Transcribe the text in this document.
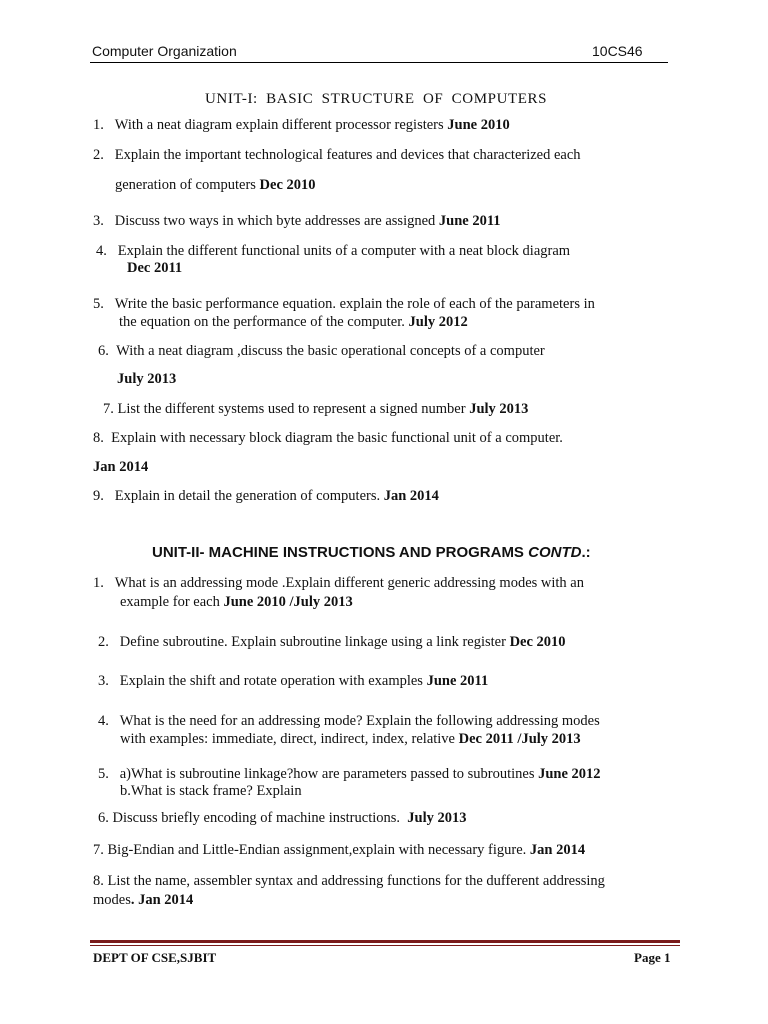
Computer Organization	10CS46
UNIT-I: BASIC STRUCTURE OF COMPUTERS
1. With a neat diagram explain different processor registers June 2010
2. Explain the important technological features and devices that characterized each
generation of computers Dec 2010
3. Discuss two ways in which byte addresses are assigned June 2011
4. Explain the different functional units of a computer with a neat block diagram
Dec 2011
5. Write the basic performance equation. explain the role of each of the parameters in
the equation on the performance of the computer. July 2012
6. With a neat diagram ,discuss the basic operational concepts of a computer
July 2013
7. List the different systems used to represent a signed number July 2013
8. Explain with necessary block diagram the basic functional unit of a computer.
Jan 2014
9. Explain in detail the generation of computers. Jan 2014
UNIT-II- MACHINE INSTRUCTIONS AND PROGRAMS CONTD.:
1. What is an addressing mode .Explain different generic addressing modes with an
example for each June 2010 /July 2013
2. Define subroutine. Explain subroutine linkage using a link register Dec 2010
3. Explain the shift and rotate operation with examples June 2011
4. What is the need for an addressing mode? Explain the following addressing modes
with examples: immediate, direct, indirect, index, relative Dec 2011 /July 2013
5. a)What is subroutine linkage?how are parameters passed to subroutines June 2012
b.What is stack frame? Explain
6. Discuss briefly encoding of machine instructions. July 2013
7. Big-Endian and Little-Endian assignment,explain with necessary figure. Jan 2014
8. List the name, assembler syntax and addressing functions for the dufferent addressing
modes. Jan 2014
DEPT OF CSE,SJBIT	Page 1
